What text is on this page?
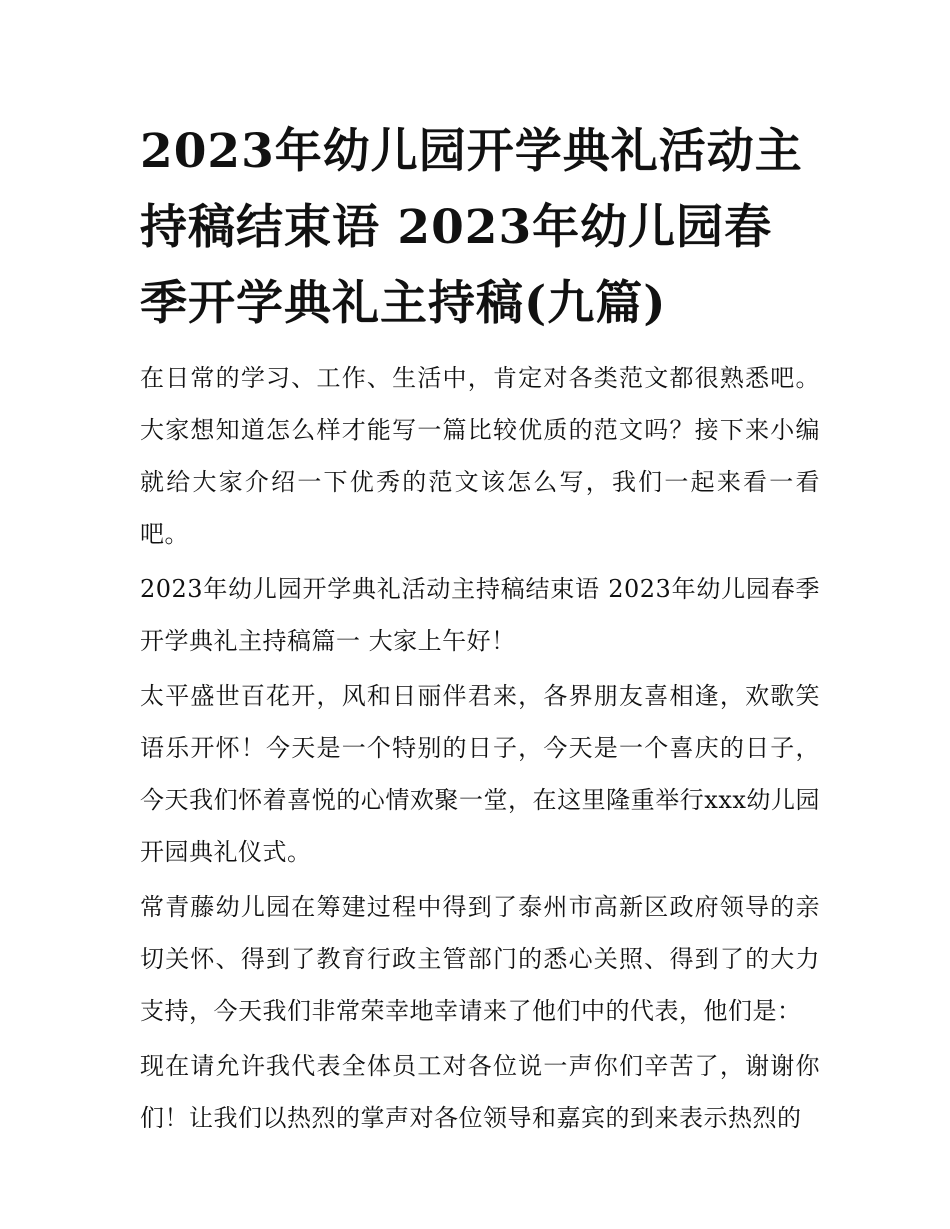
2023年幼儿园开学典礼活动主持稿结束语 2023年幼儿园春季开学典礼主持稿(九篇)

在日常的学习、工作、生活中，肯定对各类范文都很熟悉吧。大家想知道怎么样才能写一篇比较优质的范文吗？接下来小编就给大家介绍一下优秀的范文该怎么写，我们一起来看一看吧。

2023年幼儿园开学典礼活动主持稿结束语 2023年幼儿园春季开学典礼主持稿篇一 大家上午好！

太平盛世百花开，风和日丽伴君来，各界朋友喜相逢，欢歌笑语乐开怀！今天是一个特别的日子，今天是一个喜庆的日子，今天我们怀着喜悦的心情欢聚一堂，在这里隆重举行xxx幼儿园开园典礼仪式。

常青藤幼儿园在筹建过程中得到了泰州市高新区政府领导的亲切关怀、得到了教育行政主管部门的悉心关照、得到了的大力支持，今天我们非常荣幸地幸请来了他们中的代表，他们是：

现在请允许我代表全体员工对各位说一声你们辛苦了，谢谢你们！让我们以热烈的掌声对各位领导和嘉宾的到来表示热烈的
